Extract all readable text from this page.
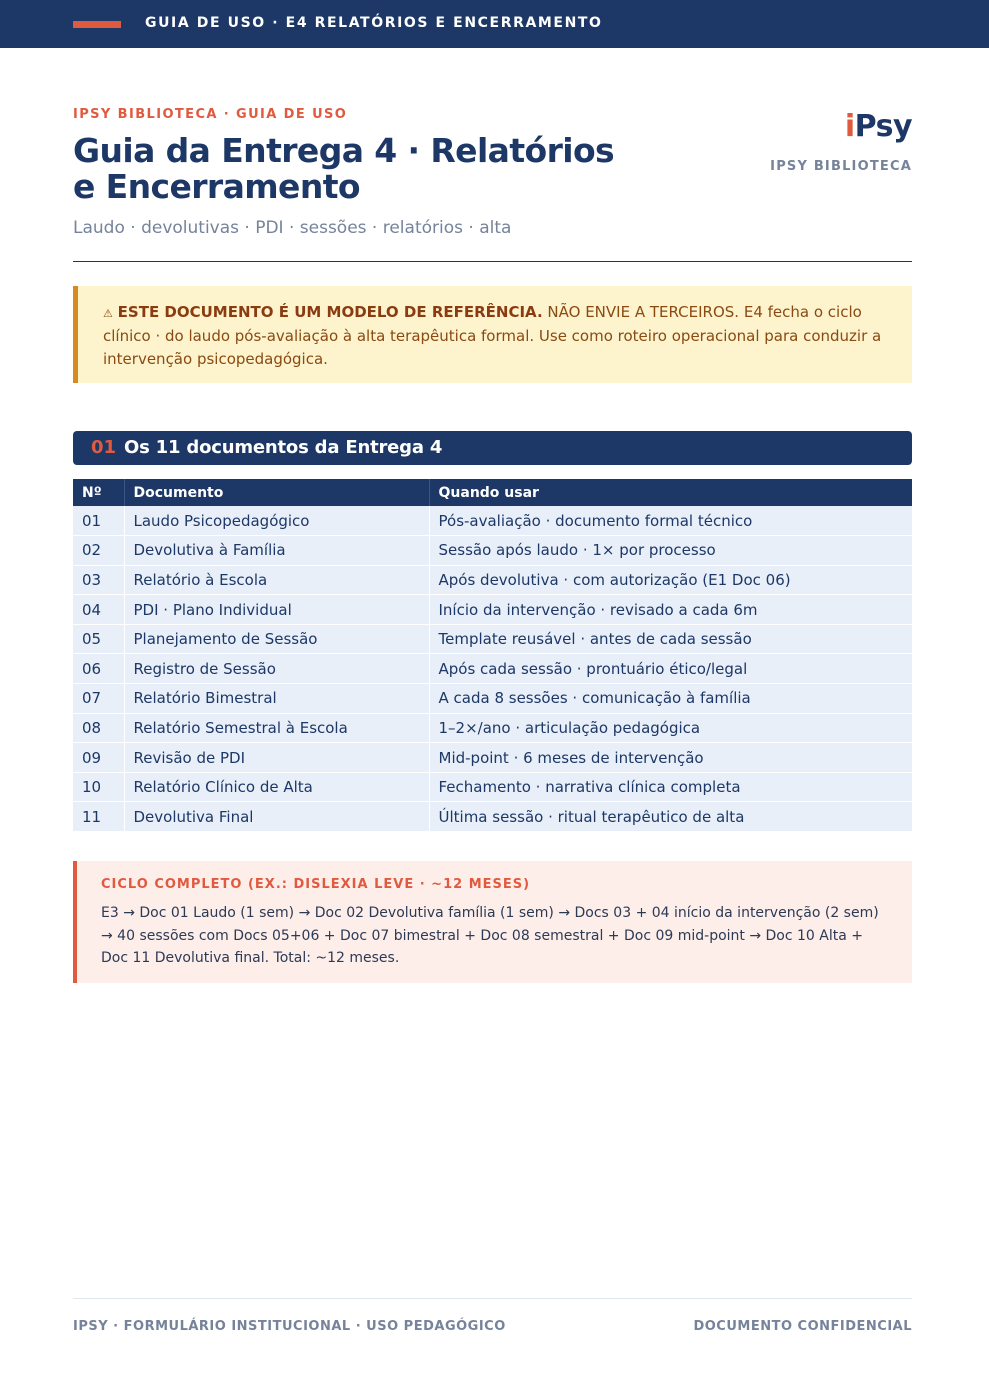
GUIA DE USO · E4 RELATÓRIOS E ENCERRAMENTO
IPSY BIBLIOTECA · GUIA DE USO
Guia da Entrega 4 · Relatórios e Encerramento
Laudo · devolutivas · PDI · sessões · relatórios · alta
iPsy
IPSY BIBLIOTECA
⚠ ESTE DOCUMENTO É UM MODELO DE REFERÊNCIA. NÃO ENVIE A TERCEIROS. E4 fecha o ciclo clínico · do laudo pós-avaliação à alta terapêutica formal. Use como roteiro operacional para conduzir a intervenção psicopedagógica.
01 Os 11 documentos da Entrega 4
Nº	Documento	Quando usar
01	Laudo Psicopedagógico	Pós-avaliação · documento formal técnico
02	Devolutiva à Família	Sessão após laudo · 1× por processo
03	Relatório à Escola	Após devolutiva · com autorização (E1 Doc 06)
04	PDI · Plano Individual	Início da intervenção · revisado a cada 6m
05	Planejamento de Sessão	Template reusável · antes de cada sessão
06	Registro de Sessão	Após cada sessão · prontuário ético/legal
07	Relatório Bimestral	A cada 8 sessões · comunicação à família
08	Relatório Semestral à Escola	1–2×/ano · articulação pedagógica
09	Revisão de PDI	Mid-point · 6 meses de intervenção
10	Relatório Clínico de Alta	Fechamento · narrativa clínica completa
11	Devolutiva Final	Última sessão · ritual terapêutico de alta
CICLO COMPLETO (EX.: DISLEXIA LEVE · ~12 MESES)
E3 → Doc 01 Laudo (1 sem) → Doc 02 Devolutiva família (1 sem) → Docs 03 + 04 início da intervenção (2 sem) → 40 sessões com Docs 05+06 + Doc 07 bimestral + Doc 08 semestral + Doc 09 mid-point → Doc 10 Alta + Doc 11 Devolutiva final. Total: ~12 meses.
IPSY · FORMULÁRIO INSTITUCIONAL · USO PEDAGÓGICO	DOCUMENTO CONFIDENCIAL
